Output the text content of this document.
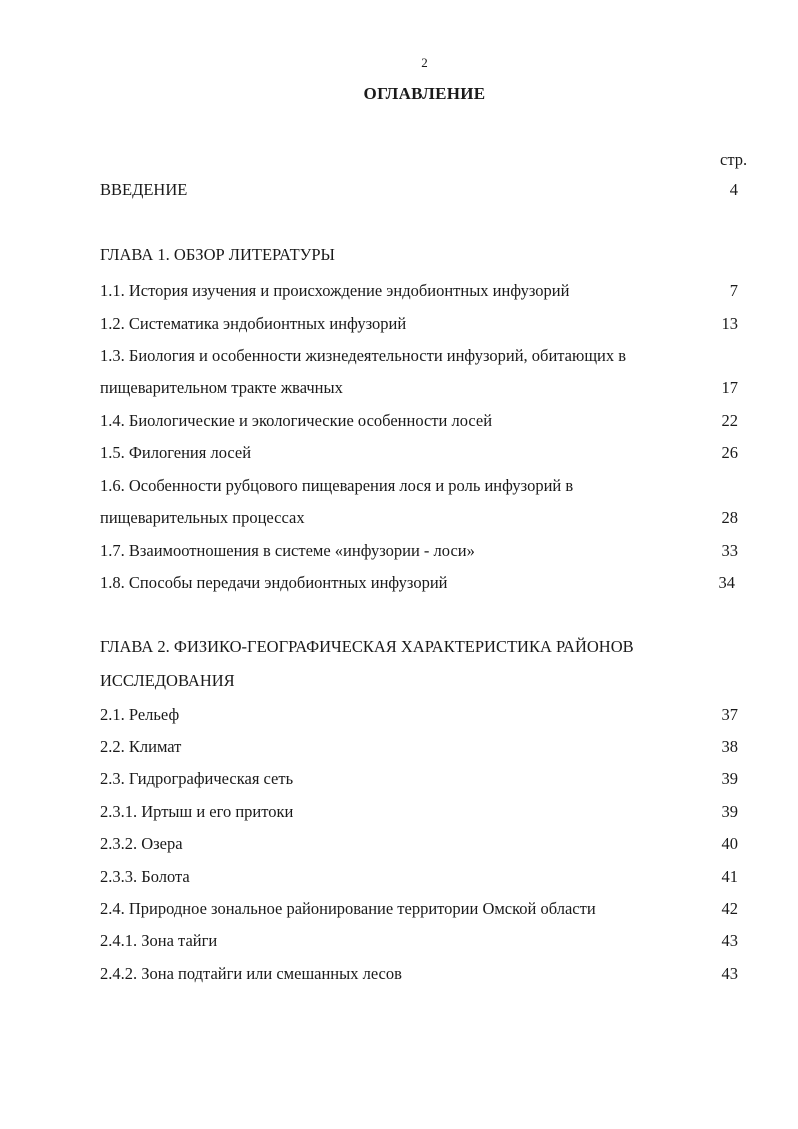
2
ОГЛАВЛЕНИЕ
стр.
ВВЕДЕНИЕ	4
ГЛАВА 1. ОБЗОР ЛИТЕРАТУРЫ
1.1. История изучения и происхождение эндобионтных инфузорий	7
1.2. Систематика эндобионтных инфузорий	13
1.3. Биология и особенности жизнедеятельности инфузорий, обитающих в
пищеварительном тракте жвачных	17
1.4. Биологические и экологические особенности лосей	22
1.5. Филогения лосей	26
1.6. Особенности рубцового пищеварения лося и роль инфузорий в
пищеварительных процессах	28
1.7. Взаимоотношения в системе «инфузории - лоси»	33
1.8. Способы передачи эндобионтных инфузорий	34
ГЛАВА 2. ФИЗИКО-ГЕОГРАФИЧЕСКАЯ ХАРАКТЕРИСТИКА РАЙОНОВ
ИССЛЕДОВАНИЯ
2.1. Рельеф	37
2.2. Климат	38
2.3. Гидрографическая сеть	39
2.3.1. Иртыш и его притоки	39
2.3.2. Озера	40
2.3.3. Болота	41
2.4. Природное зональное районирование территории Омской области	42
2.4.1. Зона тайги	43
2.4.2. Зона подтайги или смешанных лесов	43
